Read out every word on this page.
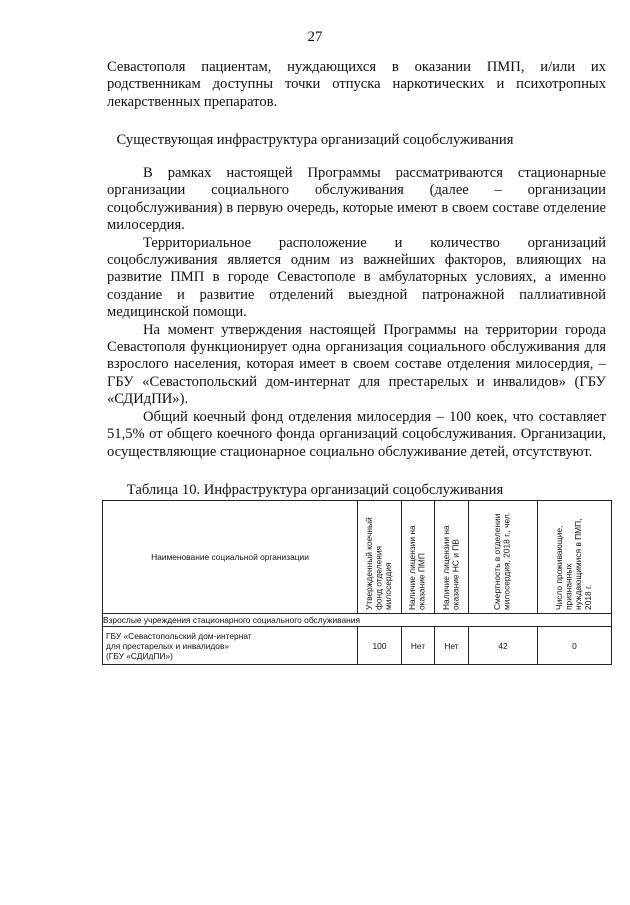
27

Севастополя пациентам, нуждающихся в оказании ПМП, и/или их родственникам доступны точки отпуска наркотических и психотропных лекарственных препаратов.

Существующая инфраструктура организаций соцобслуживания

В рамках настоящей Программы рассматриваются стационарные организации социального обслуживания (далее – организации соцобслуживания) в первую очередь, которые имеют в своем составе отделение милосердия.

Территориальное расположение и количество организаций соцобслуживания является одним из важнейших факторов, влияющих на развитие ПМП в городе Севастополе в амбулаторных условиях, а именно создание и развитие отделений выездной патронажной паллиативной медицинской помощи.

На момент утверждения настоящей Программы на территории города Севастополя функционирует одна организация социального обслуживания для взрослого населения, которая имеет в своем составе отделения милосердия, – ГБУ «Севастопольский дом-интернат для престарелых и инвалидов» (ГБУ «СДИдПИ»).

Общий коечный фонд отделения милосердия – 100 коек, что составляет 51,5% от общего коечного фонда организаций соцобслуживания. Организации, осуществляющие стационарное социально обслуживание детей, отсутствуют.

Таблица 10. Инфраструктура организаций соцобслуживания
Наименование социальной организации	Утвержденный коечный фонд отделения милосердия	Наличие лицензии на оказание ПМП	Наличие лицензии на оказание НС и ПВ	Смертность в отделении милосердия, 2018 г., чел.	Число проживающие, признанных нуждающимися в ПМП, 2018 г.
Взрослые учреждения стационарного социального обслуживания					

ГБУ «Севастопольский дом-интернат
для престарелых и инвалидов»
(ГБУ «СДИдПИ»)	100	Нет	Нет	42	0
